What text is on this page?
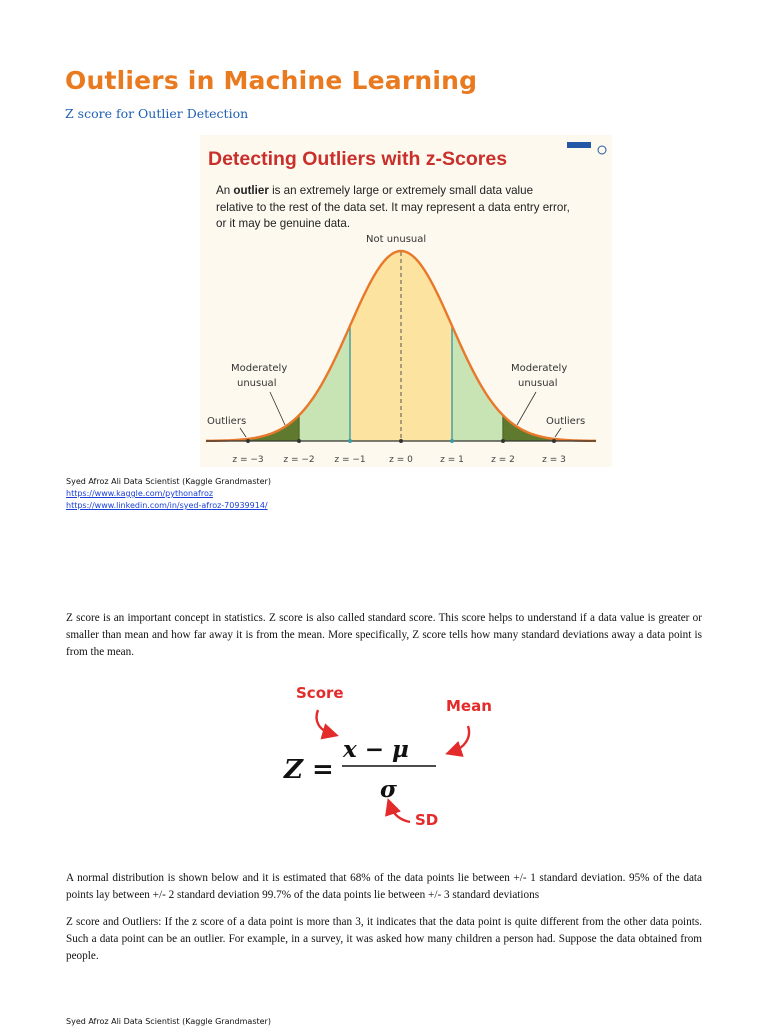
Outliers in Machine Learning
Z score for Outlier Detection
Detecting Outliers with z-Scores
An outlier is an extremely large or extremely small data value
relative to the rest of the data set. It may represent a data entry error,
or it may be genuine data.
Not unusual
z = −3 z = −2 z = −1	z = 0	z = 1	z = 2	z = 3
Moderately
unusual
Moderately
unusual
Outliers	Outliers
Syed Afroz Ali Data Scientist (Kaggle Grandmaster)
https://www.kaggle.com/pythonafroz
https://www.linkedin.com/in/syed-afroz-70939914/
Z score is an important concept in statistics. Z score is also called standard score. This score helps to understand if a data value is greater or smaller than mean and how far away it is from the mean. More specifically, Z score tells how many standard deviations away a data point is from the mean.
Score
Mean
Z =
x − μ
σ
SD
A normal distribution is shown below and it is estimated that 68% of the data points lie between +/- 1 standard deviation. 95% of the data points lay between +/- 2 standard deviation 99.7% of the data points lie between +/- 3 standard deviations
Z score and Outliers: If the z score of a data point is more than 3, it indicates that the data point is quite different from the other data points. Such a data point can be an outlier. For example, in a survey, it was asked how many children a person had. Suppose the data obtained from people.
Syed Afroz Ali Data Scientist (Kaggle Grandmaster)
